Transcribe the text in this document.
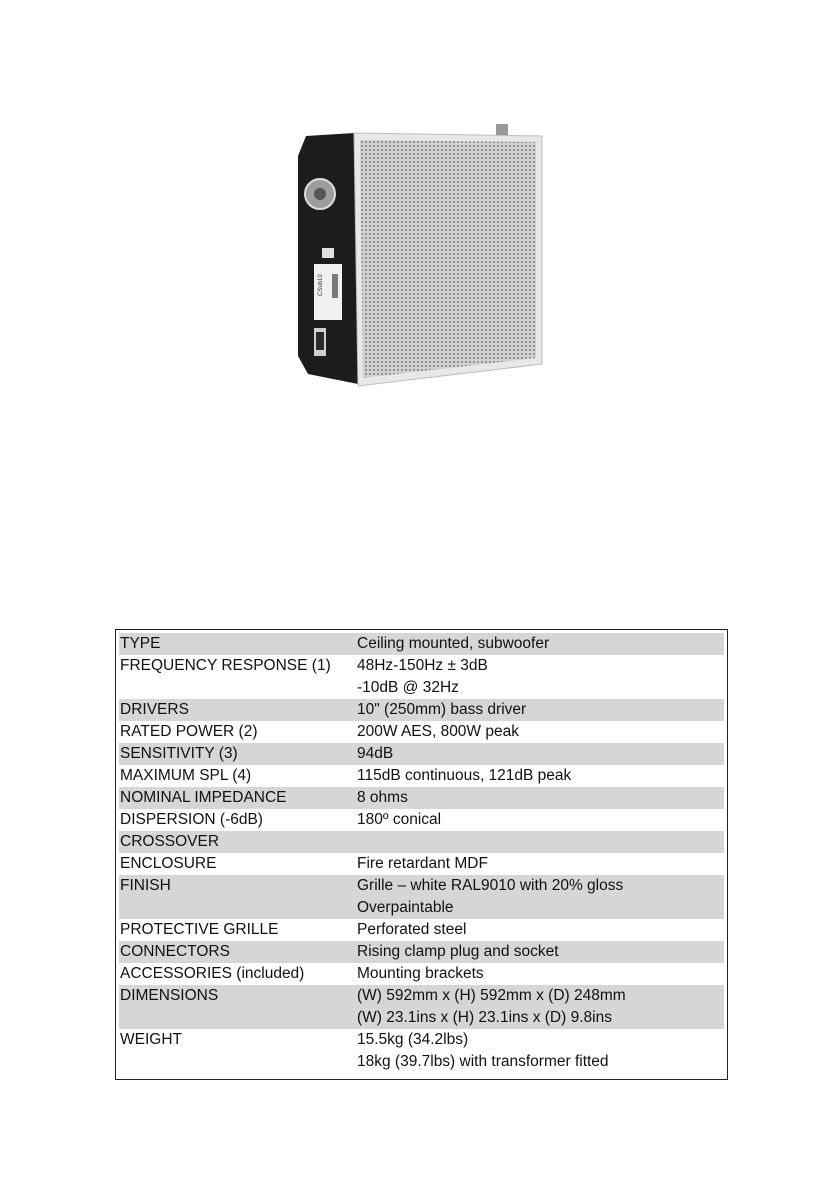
CSub10
TYPE	Ceiling mounted, subwoofer
FREQUENCY RESPONSE (1)	48Hz-150Hz ± 3dB
-10dB @ 32Hz
DRIVERS	10" (250mm) bass driver
RATED POWER (2)	200W AES, 800W peak
SENSITIVITY (3)	94dB
MAXIMUM SPL (4)	115dB continuous, 121dB peak
NOMINAL IMPEDANCE	8 ohms
DISPERSION (-6dB)	180º conical
CROSSOVER

ENCLOSURE	Fire retardant MDF
FINISH	Grille – white RAL9010 with 20% gloss
Overpaintable
PROTECTIVE GRILLE	Perforated steel
CONNECTORS	Rising clamp plug and socket
ACCESSORIES (included)	Mounting brackets
DIMENSIONS	(W) 592mm x (H) 592mm x (D) 248mm
(W) 23.1ins x (H) 23.1ins x (D) 9.8ins
WEIGHT	15.5kg (34.2lbs)
18kg (39.7lbs) with transformer fitted
